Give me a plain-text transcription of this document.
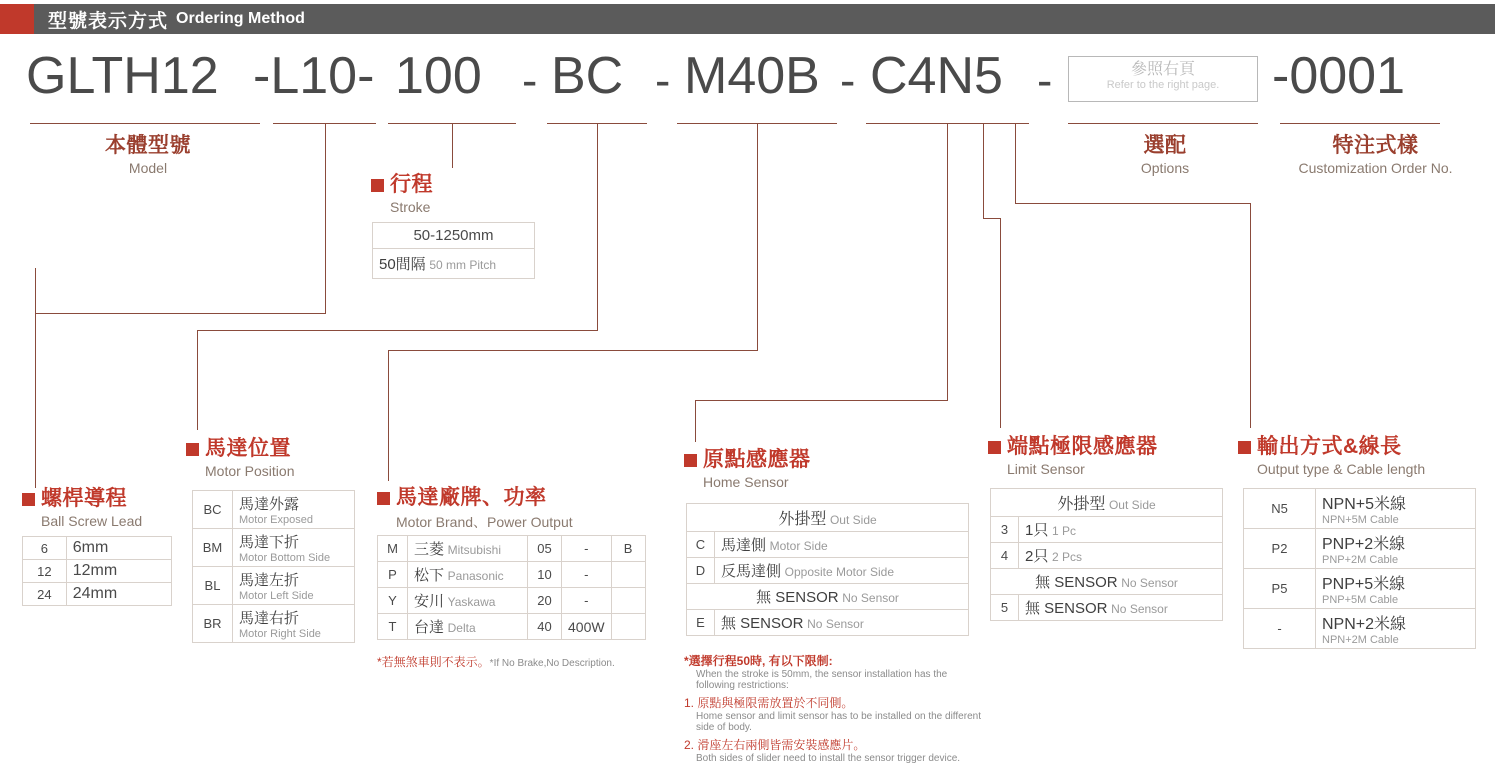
型號表示方式 Ordering Method
GLTH12 -L10- 100 - BC - M40B - C4N5 -	參照右頁
Refer to the right page.	-0001
本體型號
Model
選配
Options
特注式樣
Customization Order No.
行程
Stroke
50-1250mm
50間隔 50 mm Pitch
螺桿導程
Ball Screw Lead
6	6mm
12	12mm
24	24mm
馬達位置
Motor Position
BC	馬達外露
Motor Exposed

BM	馬達下折
Motor Bottom Side

BL	馬達左折
Motor Left Side

BR	馬達右折
Motor Right Side
馬達廠牌、功率
Motor Brand、Power Output
M	三菱 Mitsubishi	05	-	B
P	松下 Panasonic	10	-	
Y	安川 Yaskawa	20	-	
T	台達 Delta	40	400W	
*若無煞車則不表示。*If No Brake,No Description.
原點感應器
Home Sensor
外掛型 Out Side	
C	馬達側 Motor Side
D	反馬達側 Opposite Motor Side
無 SENSOR No Sensor	
E	無 SENSOR No Sensor
*選擇行程50時, 有以下限制:
When the stroke is 50mm, the sensor installation has the following restrictions:
1. 原點與極限需放置於不同側。
Home sensor and limit sensor has to be installed on the different side of body.
2. 滑座左右兩側皆需安裝感應片。
Both sides of slider need to install the sensor trigger device.
端點極限感應器
Limit Sensor
外掛型 Out Side	
3	1只 1 Pc
4	2只 2 Pcs
無 SENSOR No Sensor	
5	無 SENSOR No Sensor
輸出方式&線長
Output type & Cable length
N5	NPN+5米線
NPN+5M Cable

P2	PNP+2米線
PNP+2M Cable

P5	PNP+5米線
PNP+5M Cable

-	NPN+2米線
NPN+2M Cable
